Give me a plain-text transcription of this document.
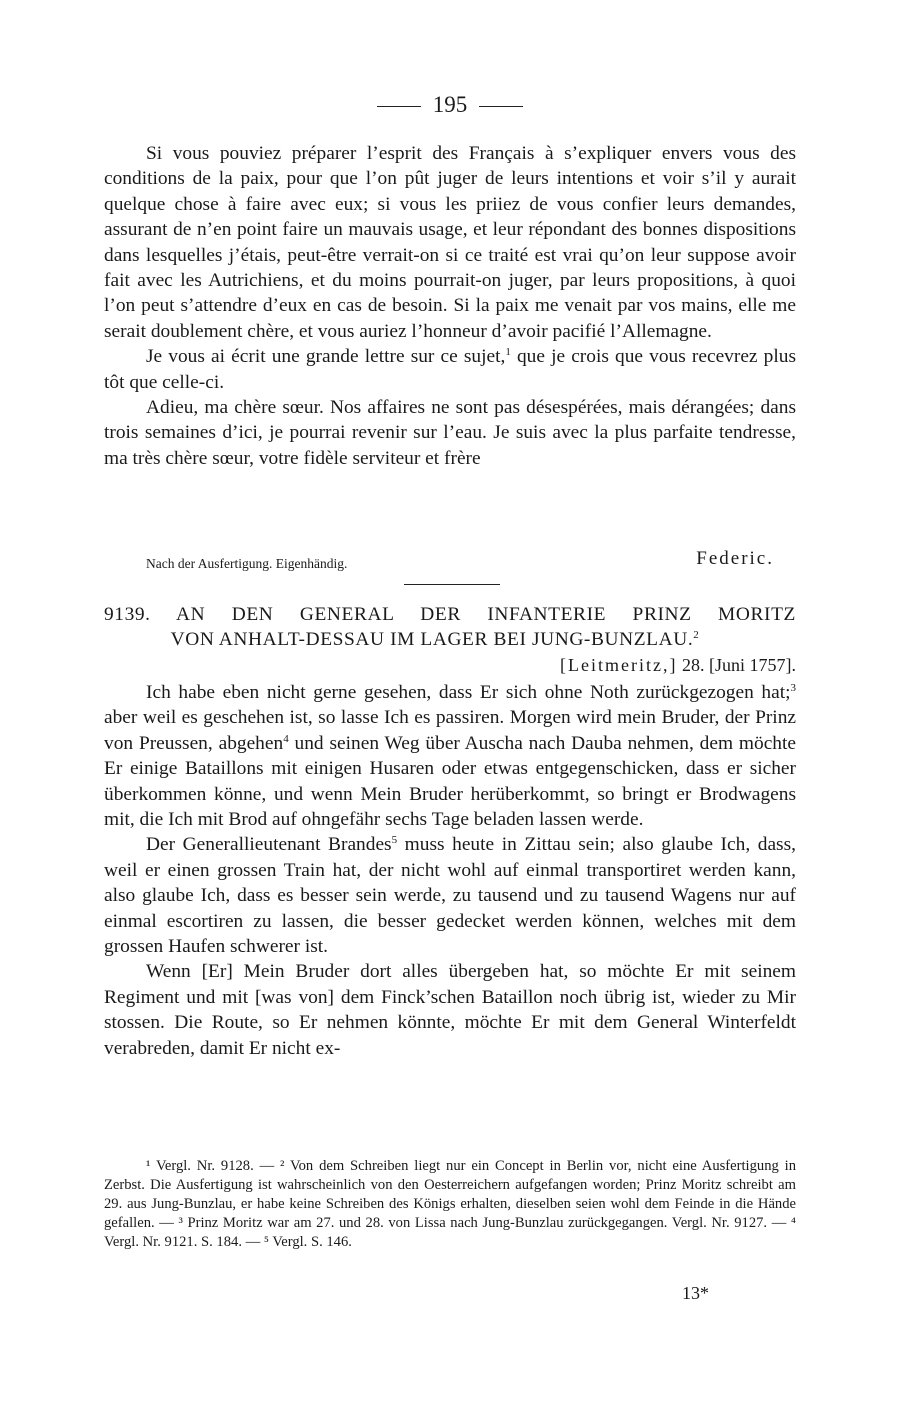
195

Si vous pouviez préparer l’esprit des Français à s’expliquer envers vous des conditions de la paix, pour que l’on pût juger de leurs intentions et voir s’il y aurait quelque chose à faire avec eux; si vous les priiez de vous confier leurs demandes, assurant de n’en point faire un mauvais usage, et leur répondant des bonnes dispositions dans lesquelles j’étais, peut-être verrait-on si ce traité est vrai qu’on leur suppose avoir fait avec les Autrichiens, et du moins pourrait-on juger, par leurs propositions, à quoi l’on peut s’attendre d’eux en cas de besoin. Si la paix me venait par vos mains, elle me serait doublement chère, et vous auriez l’honneur d’avoir pacifié l’Allemagne.

Je vous ai écrit une grande lettre sur ce sujet,$^1$ que je crois que vous recevrez plus tôt que celle-ci.

Adieu, ma chère sœur. Nos affaires ne sont pas désespérées, mais dérangées; dans trois semaines d’ici, je pourrai revenir sur l’eau. Je suis avec la plus parfaite tendresse, ma très chère sœur, votre fidèle serviteur et frère

Nach der Ausfertigung. Eigenhändig.	Federic.
9139. AN DEN GENERAL DER INFANTERIE PRINZ MORITZ
VON ANHALT-DESSAU IM LAGER BEI JUNG-BUNZLAU.$^2$
[Leitmeritz,] 28. [Juni 1757].

Ich habe eben nicht gerne gesehen, dass Er sich ohne Noth zurückgezogen hat;$^3$ aber weil es geschehen ist, so lasse Ich es passiren. Morgen wird mein Bruder, der Prinz von Preussen, abgehen$^4$ und seinen Weg über Auscha nach Dauba nehmen, dem möchte Er einige Bataillons mit einigen Husaren oder etwas entgegenschicken, dass er sicher überkommen könne, und wenn Mein Bruder herüberkommt, so bringt er Brodwagens mit, die Ich mit Brod auf ohngefähr sechs Tage beladen lassen werde.

Der Generallieutenant Brandes$^5$ muss heute in Zittau sein; also glaube Ich, dass, weil er einen grossen Train hat, der nicht wohl auf einmal transportiret werden kann, also glaube Ich, dass es besser sein werde, zu tausend und zu tausend Wagens nur auf einmal escortiren zu lassen, die besser gedecket werden können, welches mit dem grossen Haufen schwerer ist.

Wenn [Er] Mein Bruder dort alles übergeben hat, so möchte Er mit seinem Regiment und mit [was von] dem Finck’schen Bataillon noch übrig ist, wieder zu Mir stossen. Die Route, so Er nehmen könnte, möchte Er mit dem General Winterfeldt verabreden, damit Er nicht ex-

¹ Vergl. Nr. 9128. — ² Von dem Schreiben liegt nur ein Concept in Berlin vor, nicht eine Ausfertigung in Zerbst. Die Ausfertigung ist wahrscheinlich von den Oesterreichern aufgefangen worden; Prinz Moritz schreibt am 29. aus Jung-Bunzlau, er habe keine Schreiben des Königs erhalten, dieselben seien wohl dem Feinde in die Hände gefallen. — ³ Prinz Moritz war am 27. und 28. von Lissa nach Jung-Bunzlau zurückgegangen. Vergl. Nr. 9127. — ⁴ Vergl. Nr. 9121. S. 184. — ⁵ Vergl. S. 146.

13*
